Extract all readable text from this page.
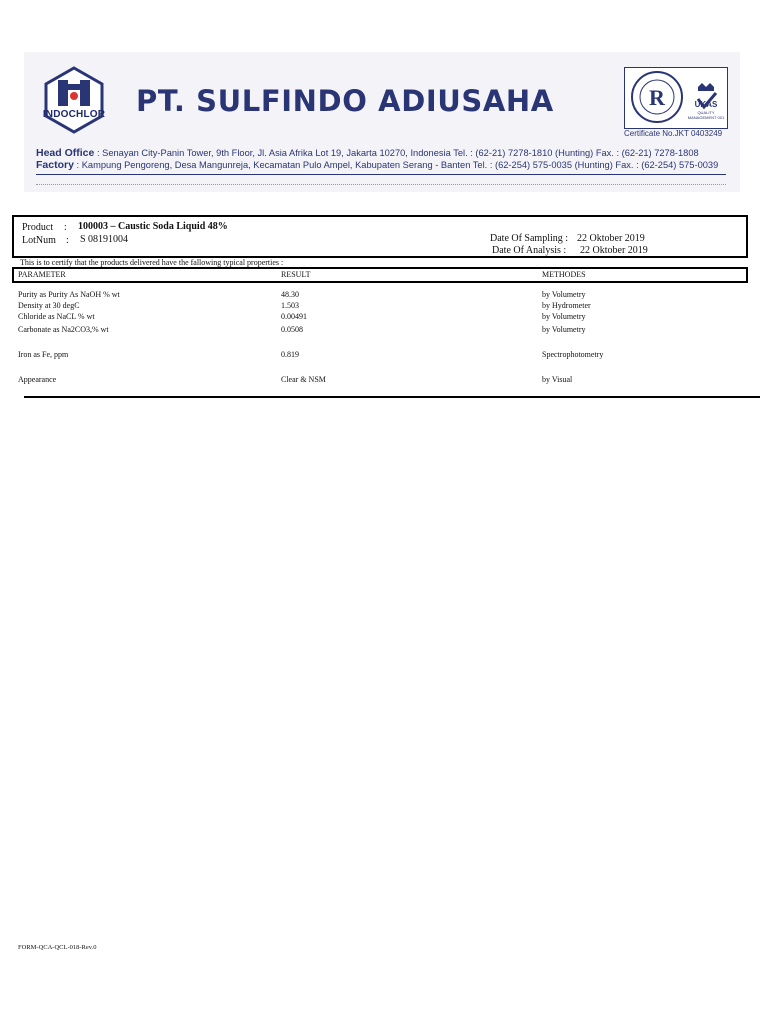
INDOCHLOR PT. SULFINDO ADIUSAHA	R	UKAS
QUALITY MANAGEMENT 001
Certificate No.JKT 0403249
Head Office : Senayan City-Panin Tower, 9th Floor, Jl. Asia Afrika Lot 19, Jakarta 10270, Indonesia Tel. : (62-21) 7278-1810 (Hunting) Fax. : (62-21) 7278-1808
Factory : Kampung Pengoreng, Desa Mangunreja, Kecamatan Pulo Ampel, Kabupaten Serang - Banten Tel. : (62-254) 575-0035 (Hunting) Fax. : (62-254) 575-0039
Product : 100003 – Caustic Soda Liquid 48%
LotNum : S 08191004	Date Of Sampling : 22 Oktober 2019
Date Of Analysis : 22 Oktober 2019
This is to certify that the products delivered have the fallowing typical properties :
PARAMETER	RESULT	METHODES
Purity as Purity As NaOH % wt	48.30	by Volumetry
Density at 30 degC	1.503	by Hydrometer
Chloride as NaCL % wt	0.00491	by Volumetry
Carbonate as Na2CO3,% wt	0.0508	by Volumetry
Iron as Fe, ppm	0.819	Spectrophotometry
Appearance	Clear & NSM	by Visual
FORM-QCA-QCL-018-Rev.0
